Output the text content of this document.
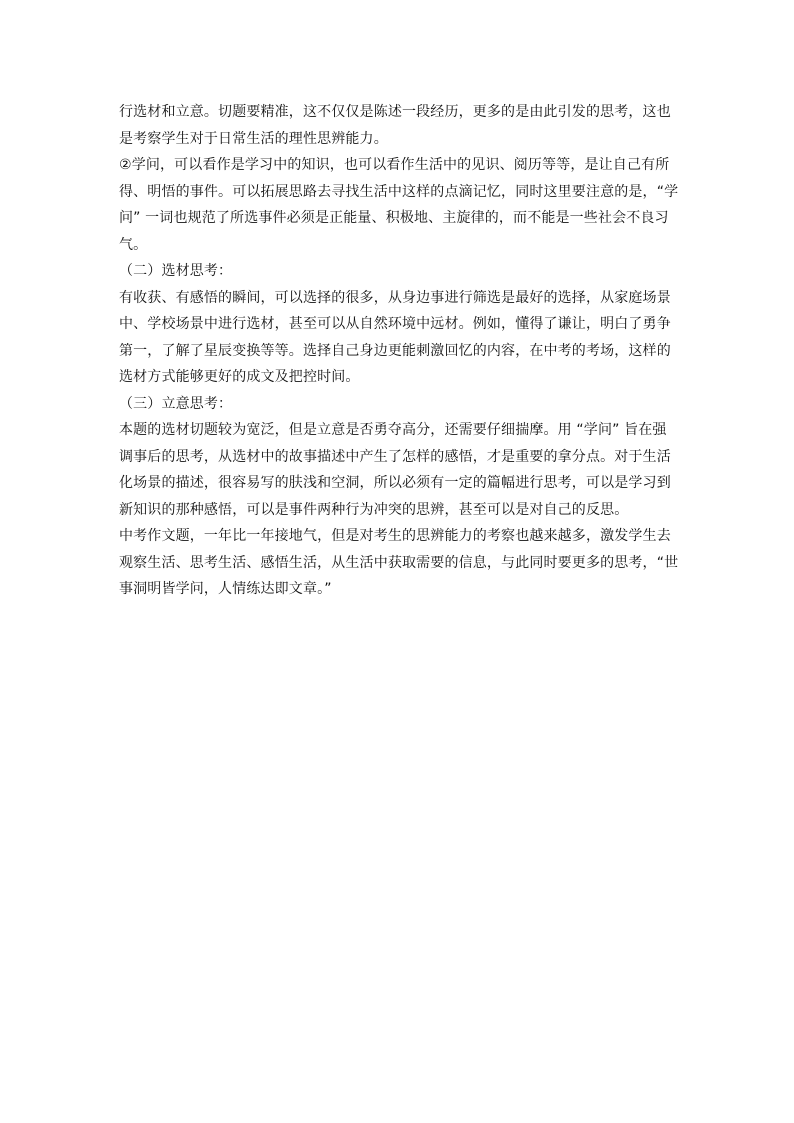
行选材和立意。切题要精准，这不仅仅是陈述一段经历，更多的是由此引发的思考，这也
是考察学生对于日常生活的理性思辨能力。

②学问，可以看作是学习中的知识，也可以看作生活中的见识、阅历等等，是让自己有所
得、明悟的事件。可以拓展思路去寻找生活中这样的点滴记忆，同时这里要注意的是，“学
问” 一词也规范了所选事件必须是正能量、积极地、主旋律的，而不能是一些社会不良习
气。

（二）选材思考：

有收获、有感悟的瞬间，可以选择的很多，从身边事进行筛选是最好的选择，从家庭场景
中、学校场景中进行选材，甚至可以从自然环境中远材。例如，懂得了谦让，明白了勇争
第一，了解了星辰变换等等。选择自己身边更能刺激回忆的内容，在中考的考场，这样的
选材方式能够更好的成文及把控时间。

（三）立意思考：

本题的选材切题较为宽泛，但是立意是否勇夺高分，还需要仔细揣摩。用 “学问” 旨在强
调事后的思考，从选材中的故事描述中产生了怎样的感悟，才是重要的拿分点。对于生活
化场景的描述，很容易写的肤浅和空洞，所以必须有一定的篇幅进行思考，可以是学习到
新知识的那种感悟，可以是事件两种行为冲突的思辨，甚至可以是对自己的反思。

中考作文题，一年比一年接地气，但是对考生的思辨能力的考察也越来越多，激发学生去
观察生活、思考生活、感悟生活，从生活中获取需要的信息，与此同时要更多的思考，“世
事洞明皆学问，人情练达即文章。”
